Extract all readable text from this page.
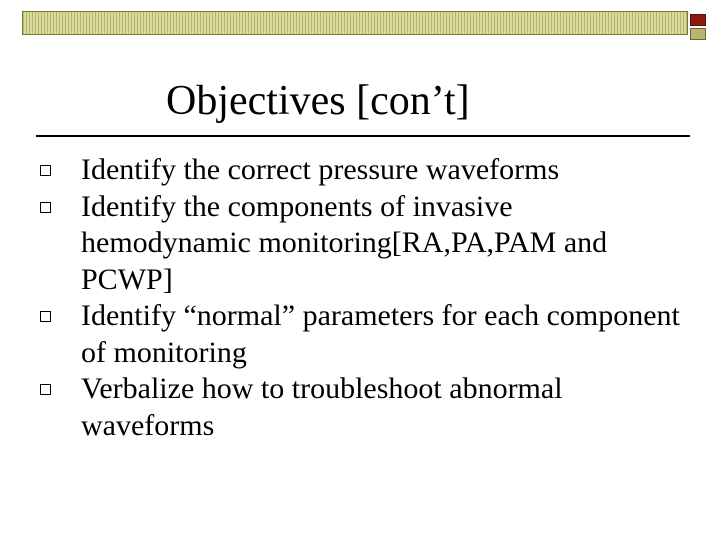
Objectives [con’t]
Identify the correct pressure waveforms
Identify the components of invasive hemodynamic monitoring[RA,PA,PAM and PCWP]
Identify “normal” parameters for each component of monitoring
Verbalize how to troubleshoot abnormal waveforms
